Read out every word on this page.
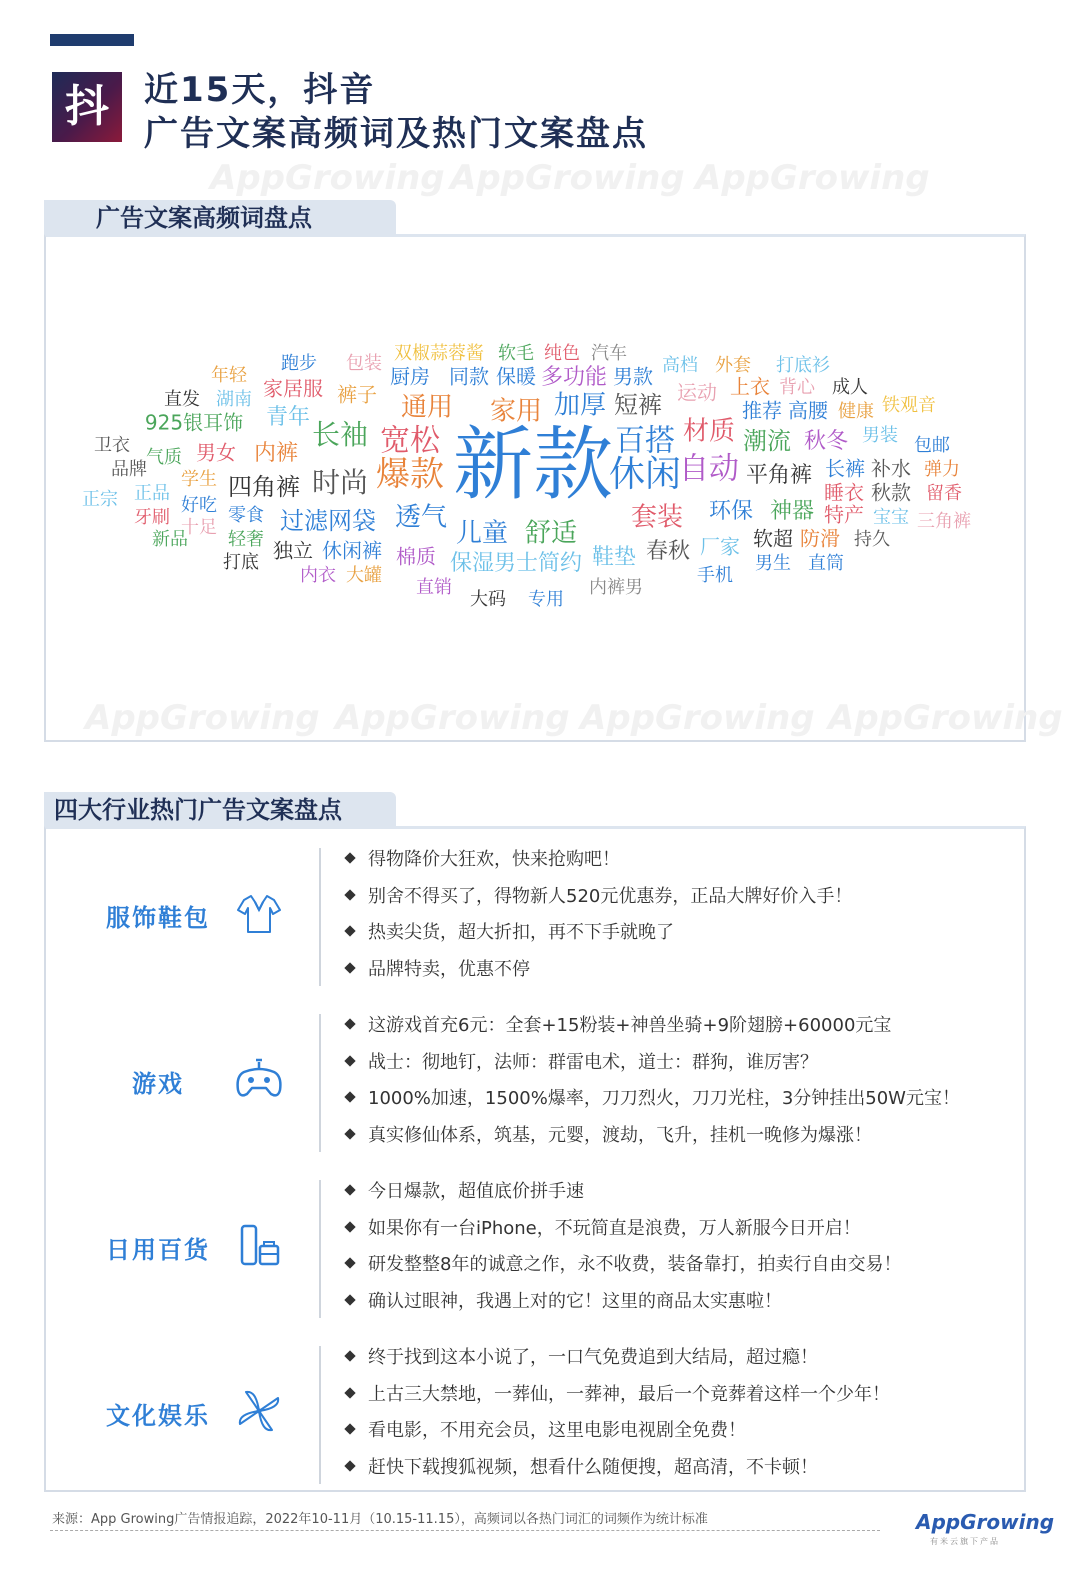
抖	近15天，抖音
广告文案高频词及热门文案盘点
AppGrowing AppGrowing AppGrowing
广告文案高频词盘点
AppGrowing AppGrowing AppGrowing AppGrowing
新款
休闲
百搭
爆款
宽松
自动
长袖
时尚
通用 家用 加厚 短裤
材质 潮流 秋冬 男装 包邮
平角裤 长裤 补水 弹力
睡衣 秋款 留香
环保 神器 特产 宝宝 三角裤
套装
透气
儿童 舒适
四角裤
过滤网袋
独立 休闲裤 棉质 保湿男士简约 鞋垫 春秋 厂家 软超 防滑 持久
男生 直筒
手机
内衣 大罐
直销	内裤男
大码 专用
男女 内裤
青年
925银耳饰
家居服 裤子
厨房 同款 保暖 多功能 男款
双椒蒜蓉酱 软毛 纯色 汽车
高档 外套 打底衫
运动 上衣 背心 成人
推荐 高腰 健康 铁观音
跑步 包装
年轻
直发 湖南
卫衣
气质
品牌 学生
正宗 正品
好吃
牙刷	零食
十足
新品 轻奢
打底
四大行业热门广告文案盘点
服饰鞋包
得物降价大狂欢，快来抢购吧！
别舍不得买了，得物新人520元优惠券，正品大牌好价入手！
热卖尖货，超大折扣，再不下手就晚了
品牌特卖，优惠不停
游戏
这游戏首充6元：全套+15粉装+神兽坐骑+9阶翅膀+60000元宝
战士：彻地钉，法师：群雷电术，道士：群狗，谁厉害？
1000%加速，1500%爆率，刀刀烈火，刀刀光柱，3分钟挂出50W元宝！
真实修仙体系，筑基，元婴，渡劫，飞升，挂机一晚修为爆涨！
日用百货
今日爆款，超值底价拼手速
如果你有一台iPhone，不玩简直是浪费，万人新服今日开启！
研发整整8年的诚意之作，永不收费，装备靠打，拍卖行自由交易！
确认过眼神，我遇上对的它！这里的商品太实惠啦！
文化娱乐
终于找到这本小说了，一口气免费追到大结局，超过瘾！
上古三大禁地，一葬仙，一葬神，最后一个竟葬着这样一个少年！
看电影，不用充会员，这里电影电视剧全免费！
赶快下载搜狐视频，想看什么随便搜，超高清，不卡顿！
来源：App Growing广告情报追踪，2022年10-11月（10.15-11.15），高频词以各热门词汇的词频作为统计标准	AppGrowing
有米云旗下产品
